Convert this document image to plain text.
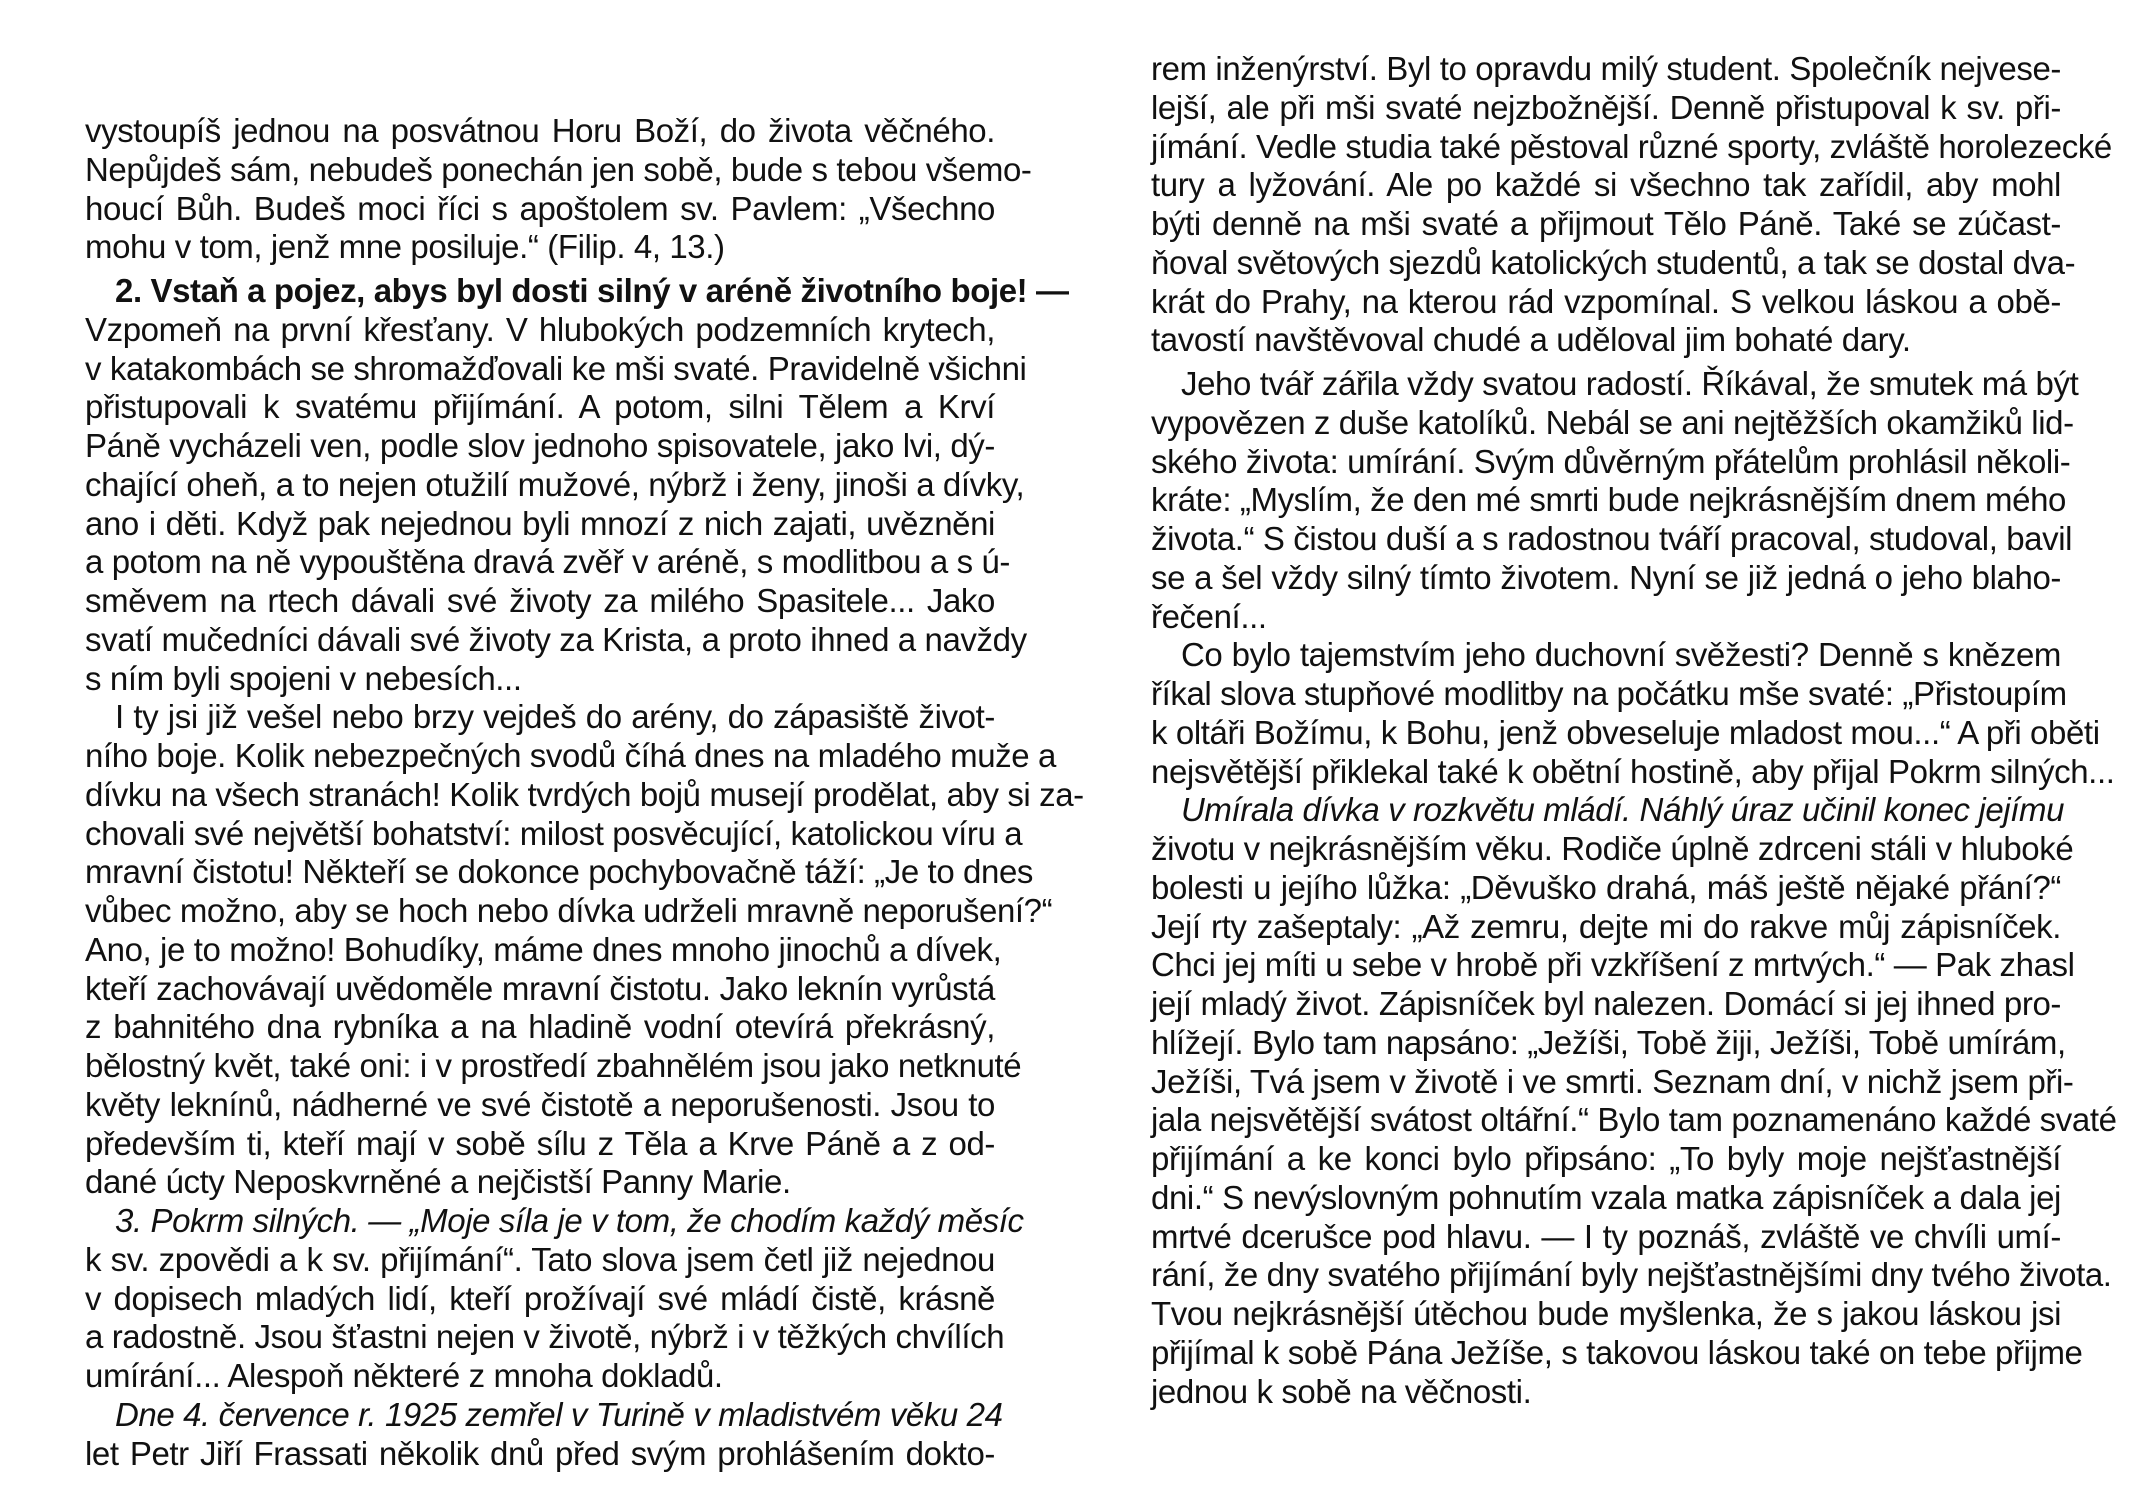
vystoupíš jednou na posvátnou Horu Boží, do života věčného.
Nepůjdeš sám, nebudeš ponechán jen sobě, bude s tebou všemo-
houcí Bůh. Budeš moci říci s apoštolem sv. Pavlem: „Všechno
mohu v tom, jenž mne posiluje.“ (Filip. 4, 13.)
2. Vstaň a pojez, abys byl dosti silný v aréně životního boje! —
Vzpomeň na první křesťany. V hlubokých podzemních krytech,
v katakombách se shromažďovali ke mši svaté. Pravidelně všichni
přistupovali k svatému přijímání. A potom, silni Tělem a Krví
Páně vycházeli ven, podle slov jednoho spisovatele, jako lvi, dý-
chající oheň, a to nejen otužilí mužové, nýbrž i ženy, jinoši a dívky,
ano i děti. Když pak nejednou byli mnozí z nich zajati, uvězněni
a potom na ně vypouštěna dravá zvěř v aréně, s modlitbou a s ú-
směvem na rtech dávali své životy za milého Spasitele... Jako
svatí mučedníci dávali své životy za Krista, a proto ihned a navždy
s ním byli spojeni v nebesích...
I ty jsi již vešel nebo brzy vejdeš do arény, do zápasiště život-
ního boje. Kolik nebezpečných svodů číhá dnes na mladého muže a
dívku na všech stranách! Kolik tvrdých bojů musejí prodělat, aby si za-
chovali své největší bohatství: milost posvěcující, katolickou víru a
mravní čistotu! Někteří se dokonce pochybovačně táží: „Je to dnes
vůbec možno, aby se hoch nebo dívka udrželi mravně neporušení?“
Ano, je to možno! Bohudíky, máme dnes mnoho jinochů a dívek,
kteří zachovávají uvědoměle mravní čistotu. Jako leknín vyrůstá
z bahnitého dna rybníka a na hladině vodní otevírá překrásný,
bělostný květ, také oni: i v prostředí zbahnělém jsou jako netknuté
květy leknínů, nádherné ve své čistotě a neporušenosti. Jsou to
především ti, kteří mají v sobě sílu z Těla a Krve Páně a z od-
dané úcty Neposkvrněné a nejčistší Panny Marie.
3. Pokrm silných. — „Moje síla je v tom, že chodím každý měsíc
k sv. zpovědi a k sv. přijímání“. Tato slova jsem četl již nejednou
v dopisech mladých lidí, kteří prožívají své mládí čistě, krásně
a radostně. Jsou šťastni nejen v životě, nýbrž i v těžkých chvílích
umírání... Alespoň některé z mnoha dokladů.
Dne 4. července r. 1925 zemřel v Turině v mladistvém věku 24
let Petr Jiří Frassati několik dnů před svým prohlášením dokto-
rem inženýrství. Byl to opravdu milý student. Společník nejvese-
lejší, ale při mši svaté nejzbožnější. Denně přistupoval k sv. při-
jímání. Vedle studia také pěstoval různé sporty, zvláště horolezecké
tury a lyžování. Ale po každé si všechno tak zařídil, aby mohl
býti denně na mši svaté a přijmout Tělo Páně. Také se zúčast-
ňoval světových sjezdů katolických studentů, a tak se dostal dva-
krát do Prahy, na kterou rád vzpomínal. S velkou láskou a obě-
tavostí navštěvoval chudé a uděloval jim bohaté dary.
Jeho tvář zářila vždy svatou radostí. Říkával, že smutek má být
vypovězen z duše katolíků. Nebál se ani nejtěžších okamžiků lid-
ského života: umírání. Svým důvěrným přátelům prohlásil několi-
kráte: „Myslím, že den mé smrti bude nejkrásnějším dnem mého
života.“ S čistou duší a s radostnou tváří pracoval, studoval, bavil
se a šel vždy silný tímto životem. Nyní se již jedná o jeho blaho-
řečení...
Co bylo tajemstvím jeho duchovní svěžesti? Denně s knězem
říkal slova stupňové modlitby na počátku mše svaté: „Přistoupím
k oltáři Božímu, k Bohu, jenž obveseluje mladost mou...“ A při oběti
nejsvětější přiklekal také k obětní hostině, aby přijal Pokrm silných...
Umírala dívka v rozkvětu mládí. Náhlý úraz učinil konec jejímu
životu v nejkrásnějším věku. Rodiče úplně zdrceni stáli v hluboké
bolesti u jejího lůžka: „Děvuško drahá, máš ještě nějaké přání?“
Její rty zašeptaly: „Až zemru, dejte mi do rakve můj zápisníček.
Chci jej míti u sebe v hrobě při vzkříšení z mrtvých.“ — Pak zhasl
její mladý život. Zápisníček byl nalezen. Domácí si jej ihned pro-
hlížejí. Bylo tam napsáno: „Ježíši, Tobě žiji, Ježíši, Tobě umírám,
Ježíši, Tvá jsem v životě i ve smrti. Seznam dní, v nichž jsem při-
jala nejsvětější svátost oltářní.“ Bylo tam poznamenáno každé svaté
přijímání a ke konci bylo připsáno: „To byly moje nejšťastnější
dni.“ S nevýslovným pohnutím vzala matka zápisníček a dala jej
mrtvé dcerušce pod hlavu. — I ty poznáš, zvláště ve chvíli umí-
rání, že dny svatého přijímání byly nejšťastnějšími dny tvého života.
Tvou nejkrásnější útěchou bude myšlenka, že s jakou láskou jsi
přijímal k sobě Pána Ježíše, s takovou láskou také on tebe přijme
jednou k sobě na věčnosti.
